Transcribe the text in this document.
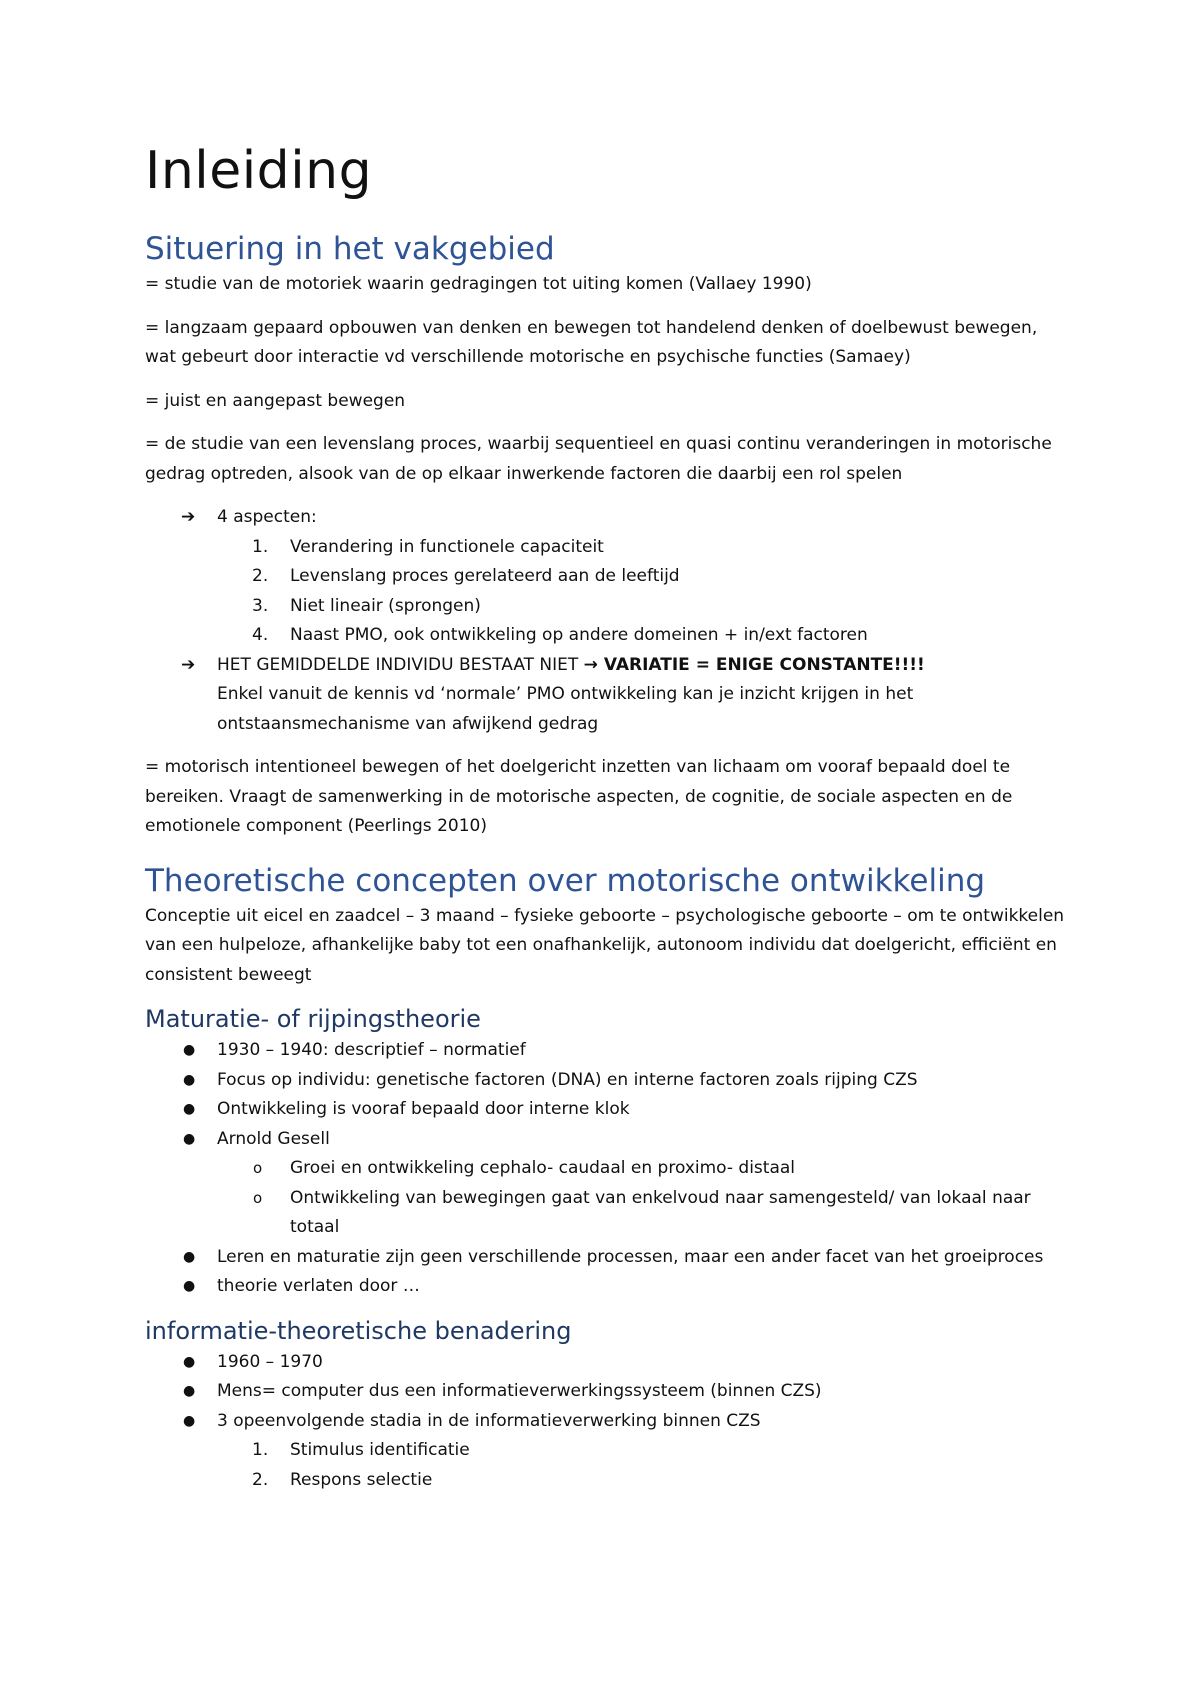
Inleiding
Situering in het vakgebied

= studie van de motoriek waarin gedragingen tot uiting komen (Vallaey 1990)

= langzaam gepaard opbouwen van denken en bewegen tot handelend denken of doelbewust bewegen, wat gebeurt door interactie vd verschillende motorische en psychische functies (Samaey)

= juist en aangepast bewegen

= de studie van een levenslang proces, waarbij sequentieel en quasi continu veranderingen in motorische gedrag optreden, alsook van de op elkaar inwerkende factoren die daarbij een rol spelen

➔ 4 aspecten:
1. Verandering in functionele capaciteit
2. Levenslang proces gerelateerd aan de leeftijd
3. Niet lineair (sprongen)
4. Naast PMO, ook ontwikkeling op andere domeinen + in/ext factoren
➔ HET GEMIDDELDE INDIVIDU BESTAAT NIET → VARIATIE = ENIGE CONSTANTE!!!!
Enkel vanuit de kennis vd ‘normale’ PMO ontwikkeling kan je inzicht krijgen in het ontstaansmechanisme van afwijkend gedrag

= motorisch intentioneel bewegen of het doelgericht inzetten van lichaam om vooraf bepaald doel te bereiken. Vraagt de samenwerking in de motorische aspecten, de cognitie, de sociale aspecten en de emotionele component (Peerlings 2010)

Theoretische concepten over motorische ontwikkeling

Conceptie uit eicel en zaadcel – 3 maand – fysieke geboorte – psychologische geboorte – om te ontwikkelen van een hulpeloze, afhankelijke baby tot een onafhankelijk, autonoom individu dat doelgericht, efficiënt en consistent beweegt

Maturatie- of rijpingstheorie
● 1930 – 1940: descriptief – normatief
● Focus op individu: genetische factoren (DNA) en interne factoren zoals rijping CZS
● Ontwikkeling is vooraf bepaald door interne klok
● Arnold Gesell
o Groei en ontwikkeling cephalo- caudaal en proximo- distaal
o Ontwikkeling van bewegingen gaat van enkelvoud naar samengesteld/ van lokaal naar totaal
● Leren en maturatie zijn geen verschillende processen, maar een ander facet van het groeiproces
● theorie verlaten door …
informatie-theoretische benadering
● 1960 – 1970
● Mens= computer dus een informatieverwerkingssysteem (binnen CZS)
● 3 opeenvolgende stadia in de informatieverwerking binnen CZS
1. Stimulus identificatie
2. Respons selectie
